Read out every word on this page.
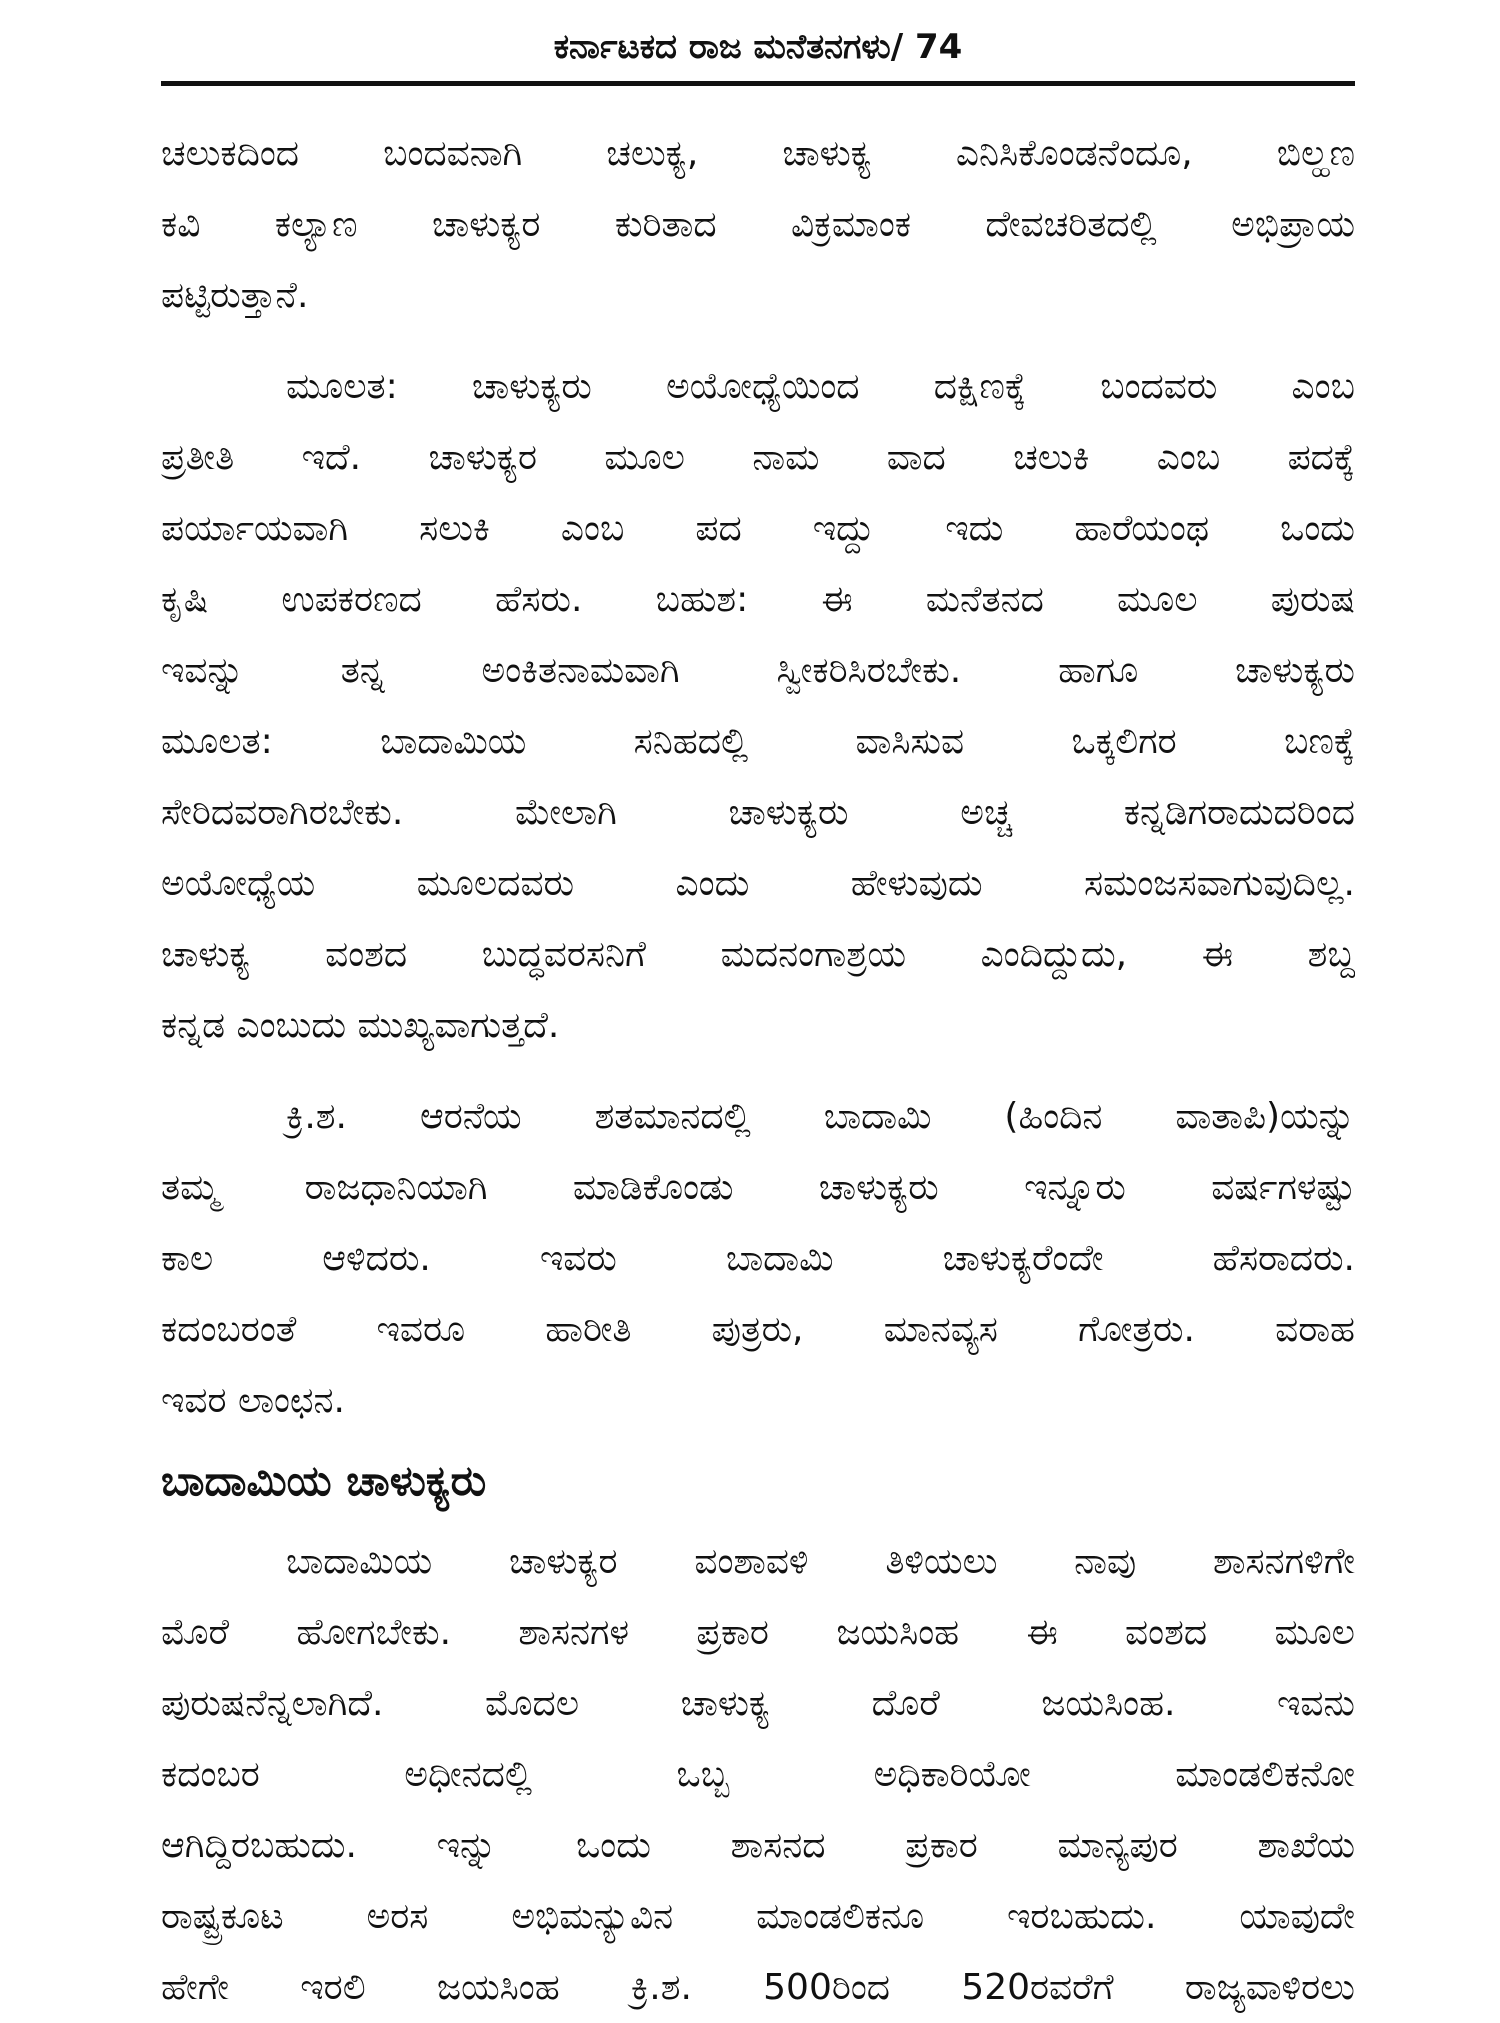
ಕರ್ನಾಟಕದ ರಾಜ ಮನೆತನಗಳು/ 74
ಚಲುಕದಿಂದ ಬಂದವನಾಗಿ ಚಲುಕ್ಯ, ಚಾಳುಕ್ಯ ಎನಿಸಿಕೊಂಡನೆಂದೂ, ಬಿಲ್ಹಣ
ಕವಿ ಕಲ್ಯಾಣ ಚಾಳುಕ್ಯರ ಕುರಿತಾದ ವಿಕ್ರಮಾಂಕ ದೇವಚರಿತದಲ್ಲಿ ಅಭಿಪ್ರಾಯ
ಪಟ್ಟಿರುತ್ತಾನೆ.
ಮೂಲತ: ಚಾಳುಕ್ಯರು ಅಯೋಧ್ಯೆಯಿಂದ ದಕ್ಷಿಣಕ್ಕೆ ಬಂದವರು ಎಂಬ
ಪ್ರತೀತಿ ಇದೆ. ಚಾಳುಕ್ಯರ ಮೂಲ ನಾಮ ವಾದ ಚಲುಕಿ ಎಂಬ ಪದಕ್ಕೆ
ಪರ್ಯಾಯವಾಗಿ ಸಲುಕಿ ಎಂಬ ಪದ ಇದ್ದು ಇದು ಹಾರೆಯಂಥ ಒಂದು
ಕೃಷಿ ಉಪಕರಣದ ಹೆಸರು. ಬಹುಶ: ಈ ಮನೆತನದ ಮೂಲ ಪುರುಷ
ಇವನ್ನು ತನ್ನ ಅಂಕಿತನಾಮವಾಗಿ ಸ್ವೀಕರಿಸಿರಬೇಕು. ಹಾಗೂ ಚಾಳುಕ್ಯರು
ಮೂಲತ: ಬಾದಾಮಿಯ ಸನಿಹದಲ್ಲಿ ವಾಸಿಸುವ ಒಕ್ಕಲಿಗರ ಬಣಕ್ಕೆ
ಸೇರಿದವರಾಗಿರಬೇಕು. ಮೇಲಾಗಿ ಚಾಳುಕ್ಯರು ಅಚ್ಚ ಕನ್ನಡಿಗರಾದುದರಿಂದ
ಅಯೋಧ್ಯೆಯ ಮೂಲದವರು ಎಂದು ಹೇಳುವುದು ಸಮಂಜಸವಾಗುವುದಿಲ್ಲ.
ಚಾಳುಕ್ಯ ವಂಶದ ಬುದ್ಧವರಸನಿಗೆ ಮದನಂಗಾಶ್ರಯ ಎಂದಿದ್ದುದು, ಈ ಶಬ್ದ
ಕನ್ನಡ ಎಂಬುದು ಮುಖ್ಯವಾಗುತ್ತದೆ.
ಕ್ರಿ.ಶ. ಆರನೆಯ ಶತಮಾನದಲ್ಲಿ ಬಾದಾಮಿ (ಹಿಂದಿನ ವಾತಾಪಿ)ಯನ್ನು
ತಮ್ಮ ರಾಜಧಾನಿಯಾಗಿ ಮಾಡಿಕೊಂಡು ಚಾಳುಕ್ಯರು ಇನ್ನೂರು ವರ್ಷಗಳಷ್ಟು
ಕಾಲ ಆಳಿದರು. ಇವರು ಬಾದಾಮಿ ಚಾಳುಕ್ಯರೆಂದೇ ಹೆಸರಾದರು.
ಕದಂಬರಂತೆ ಇವರೂ ಹಾರೀತಿ ಪುತ್ರರು, ಮಾನವ್ಯಸ ಗೋತ್ರರು. ವರಾಹ
ಇವರ ಲಾಂಛನ.
ಬಾದಾಮಿಯ ಚಾಳುಕ್ಯರು
ಬಾದಾಮಿಯ ಚಾಳುಕ್ಯರ ವಂಶಾವಳಿ ತಿಳಿಯಲು ನಾವು ಶಾಸನಗಳಿಗೇ
ಮೊರೆ ಹೋಗಬೇಕು. ಶಾಸನಗಳ ಪ್ರಕಾರ ಜಯಸಿಂಹ ಈ ವಂಶದ ಮೂಲ
ಪುರುಷನೆನ್ನಲಾಗಿದೆ. ಮೊದಲ ಚಾಳುಕ್ಯ ದೊರೆ ಜಯಸಿಂಹ. ಇವನು
ಕದಂಬರ ಅಧೀನದಲ್ಲಿ ಒಬ್ಬ ಅಧಿಕಾರಿಯೋ ಮಾಂಡಲಿಕನೋ
ಆಗಿದ್ದಿರಬಹುದು. ಇನ್ನು ಒಂದು ಶಾಸನದ ಪ್ರಕಾರ ಮಾನ್ಯಪುರ ಶಾಖೆಯ
ರಾಷ್ಟ್ರಕೂಟ ಅರಸ ಅಭಿಮನ್ಯುವಿನ ಮಾಂಡಲಿಕನೂ ಇರಬಹುದು. ಯಾವುದೇ
ಹೇಗೇ ಇರಲಿ ಜಯಸಿಂಹ ಕ್ರಿ.ಶ. 500ರಿಂದ 520ರವರೆಗೆ ರಾಜ್ಯವಾಳಿರಲು
